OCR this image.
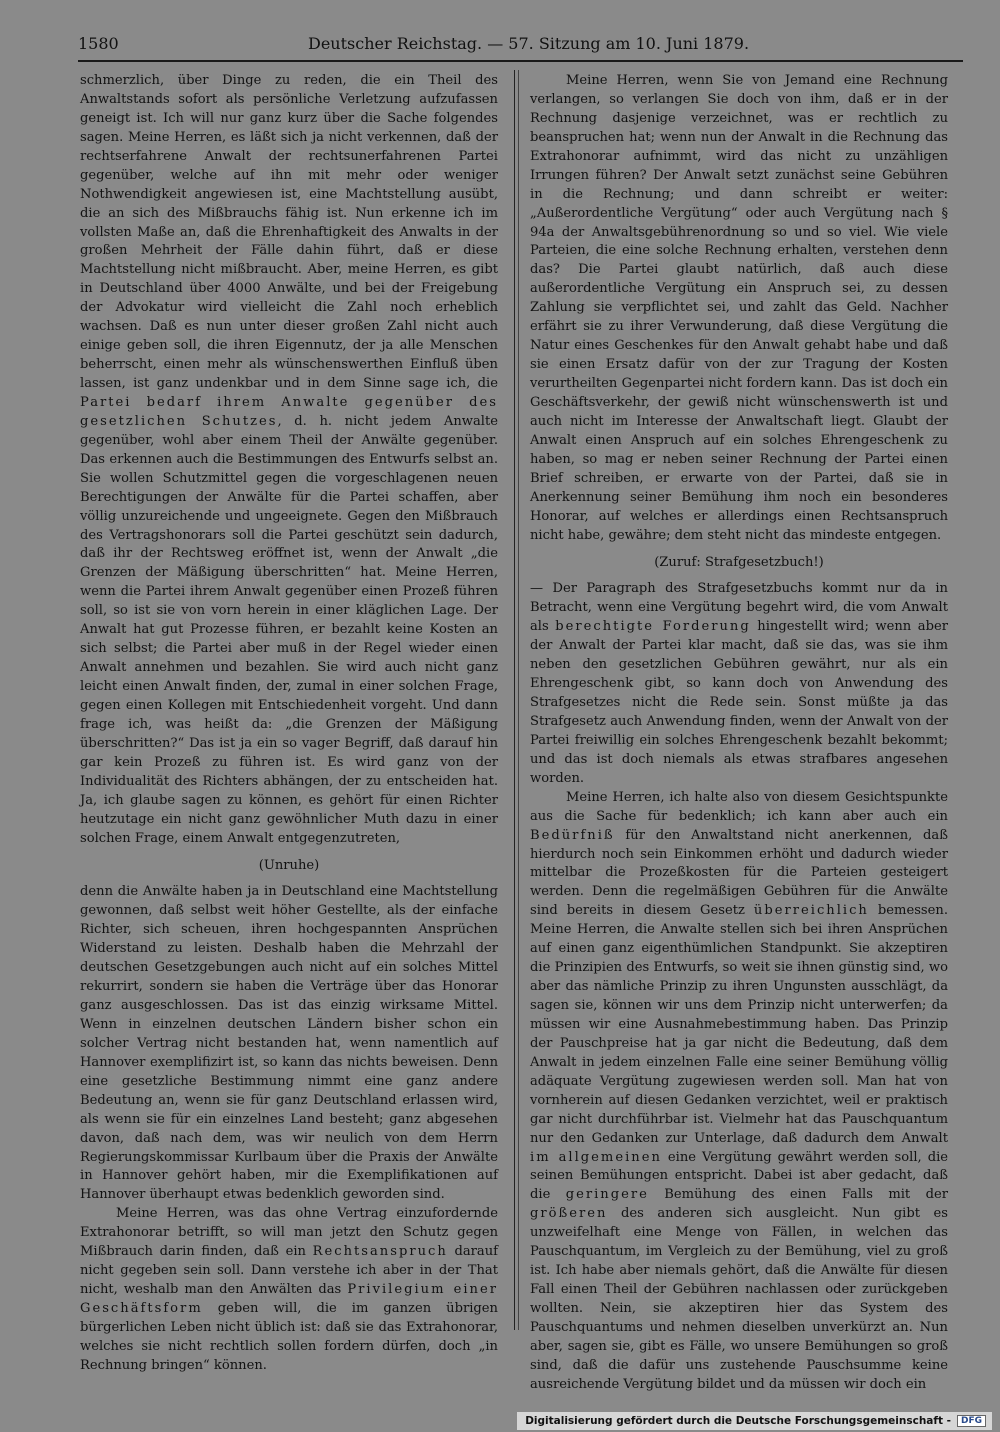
1580	Deutscher Reichstag. — 57. Sitzung am 10. Juni 1879.

schmerzlich, über Dinge zu reden, die ein Theil des Anwaltstands sofort als persönliche Verletzung aufzufassen geneigt ist. Ich will nur ganz kurz über die Sache folgendes sagen. Meine Herren, es läßt sich ja nicht verkennen, daß der rechtserfahrene Anwalt der rechtsunerfahrenen Partei gegenüber, welche auf ihn mit mehr oder weniger Nothwendigkeit angewiesen ist, eine Machtstellung ausübt, die an sich des Mißbrauchs fähig ist. Nun erkenne ich im vollsten Maße an, daß die Ehrenhaftigkeit des Anwalts in der großen Mehrheit der Fälle dahin führt, daß er diese Machtstellung nicht mißbraucht. Aber, meine Herren, es gibt in Deutschland über 4000 Anwälte, und bei der Freigebung der Advokatur wird vielleicht die Zahl noch erheblich wachsen. Daß es nun unter dieser großen Zahl nicht auch einige geben soll, die ihren Eigennutz, der ja alle Menschen beherrscht, einen mehr als wünschenswerthen Einfluß üben lassen, ist ganz undenkbar und in dem Sinne sage ich, die Partei bedarf ihrem Anwalte gegenüber des gesetzlichen Schutzes, d. h. nicht jedem Anwalte gegenüber, wohl aber einem Theil der Anwälte gegenüber. Das erkennen auch die Bestimmungen des Entwurfs selbst an. Sie wollen Schutzmittel gegen die vorgeschlagenen neuen Berechtigungen der Anwälte für die Partei schaffen, aber völlig unzureichende und ungeeignete. Gegen den Mißbrauch des Vertragshonorars soll die Partei geschützt sein dadurch, daß ihr der Rechtsweg eröffnet ist, wenn der Anwalt „die Grenzen der Mäßigung überschritten“ hat. Meine Herren, wenn die Partei ihrem Anwalt gegenüber einen Prozeß führen soll, so ist sie von vorn herein in einer kläglichen Lage. Der Anwalt hat gut Prozesse führen, er bezahlt keine Kosten an sich selbst; die Partei aber muß in der Regel wieder einen Anwalt annehmen und bezahlen. Sie wird auch nicht ganz leicht einen Anwalt finden, der, zumal in einer solchen Frage, gegen einen Kollegen mit Entschiedenheit vorgeht. Und dann frage ich, was heißt da: „die Grenzen der Mäßigung überschritten?“ Das ist ja ein so vager Begriff, daß darauf hin gar kein Prozeß zu führen ist. Es wird ganz von der Individualität des Richters abhängen, der zu entscheiden hat. Ja, ich glaube sagen zu können, es gehört für einen Richter heutzutage ein nicht ganz gewöhnlicher Muth dazu in einer solchen Frage, einem Anwalt entgegenzutreten,

(Unruhe)

denn die Anwälte haben ja in Deutschland eine Machtstellung gewonnen, daß selbst weit höher Gestellte, als der einfache Richter, sich scheuen, ihren hochgespannten Ansprüchen Widerstand zu leisten. Deshalb haben die Mehrzahl der deutschen Gesetzgebungen auch nicht auf ein solches Mittel rekurrirt, sondern sie haben die Verträge über das Honorar ganz ausgeschlossen. Das ist das einzig wirksame Mittel. Wenn in einzelnen deutschen Ländern bisher schon ein solcher Vertrag nicht bestanden hat, wenn namentlich auf Hannover exemplifizirt ist, so kann das nichts beweisen. Denn eine gesetzliche Bestimmung nimmt eine ganz andere Bedeutung an, wenn sie für ganz Deutschland erlassen wird, als wenn sie für ein einzelnes Land besteht; ganz abgesehen davon, daß nach dem, was wir neulich von dem Herrn Regierungskommissar Kurlbaum über die Praxis der Anwälte in Hannover gehört haben, mir die Exemplifikationen auf Hannover überhaupt etwas bedenklich geworden sind.

Meine Herren, was das ohne Vertrag einzufordernde Extrahonorar betrifft, so will man jetzt den Schutz gegen Mißbrauch darin finden, daß ein Rechtsanspruch darauf nicht gegeben sein soll. Dann verstehe ich aber in der That nicht, weshalb man den Anwälten das Privilegium einer Geschäftsform geben will, die im ganzen übrigen bürgerlichen Leben nicht üblich ist: daß sie das Extrahonorar, welches sie nicht rechtlich sollen fordern dürfen, doch „in Rechnung bringen“ können.

Meine Herren, wenn Sie von Jemand eine Rechnung verlangen, so verlangen Sie doch von ihm, daß er in der Rechnung dasjenige verzeichnet, was er rechtlich zu beanspruchen hat; wenn nun der Anwalt in die Rechnung das Extrahonorar aufnimmt, wird das nicht zu unzähligen Irrungen führen? Der Anwalt setzt zunächst seine Gebühren in die Rechnung; und dann schreibt er weiter: „Außerordentliche Vergütung“ oder auch Vergütung nach § 94a der Anwaltsgebührenordnung so und so viel. Wie viele Parteien, die eine solche Rechnung erhalten, verstehen denn das? Die Partei glaubt natürlich, daß auch diese außerordentliche Vergütung ein Anspruch sei, zu dessen Zahlung sie verpflichtet sei, und zahlt das Geld. Nachher erfährt sie zu ihrer Verwunderung, daß diese Vergütung die Natur eines Geschenkes für den Anwalt gehabt habe und daß sie einen Ersatz dafür von der zur Tragung der Kosten verurtheilten Gegenpartei nicht fordern kann. Das ist doch ein Geschäftsverkehr, der gewiß nicht wünschenswerth ist und auch nicht im Interesse der Anwaltschaft liegt. Glaubt der Anwalt einen Anspruch auf ein solches Ehrengeschenk zu haben, so mag er neben seiner Rechnung der Partei einen Brief schreiben, er erwarte von der Partei, daß sie in Anerkennung seiner Bemühung ihm noch ein besonderes Honorar, auf welches er allerdings einen Rechtsanspruch nicht habe, gewähre; dem steht nicht das mindeste entgegen.

(Zuruf: Strafgesetzbuch!)

— Der Paragraph des Strafgesetzbuchs kommt nur da in Betracht, wenn eine Vergütung begehrt wird, die vom Anwalt als berechtigte Forderung hingestellt wird; wenn aber der Anwalt der Partei klar macht, daß sie das, was sie ihm neben den gesetzlichen Gebühren gewährt, nur als ein Ehrengeschenk gibt, so kann doch von Anwendung des Strafgesetzes nicht die Rede sein. Sonst müßte ja das Strafgesetz auch Anwendung finden, wenn der Anwalt von der Partei freiwillig ein solches Ehrengeschenk bezahlt bekommt; und das ist doch niemals als etwas strafbares angesehen worden.

Meine Herren, ich halte also von diesem Gesichtspunkte aus die Sache für bedenklich; ich kann aber auch ein Bedürfniß für den Anwaltstand nicht anerkennen, daß hierdurch noch sein Einkommen erhöht und dadurch wieder mittelbar die Prozeßkosten für die Parteien gesteigert werden. Denn die regelmäßigen Gebühren für die Anwälte sind bereits in diesem Gesetz überreichlich bemessen. Meine Herren, die Anwalte stellen sich bei ihren Ansprüchen auf einen ganz eigenthümlichen Standpunkt. Sie akzeptiren die Prinzipien des Entwurfs, so weit sie ihnen günstig sind, wo aber das nämliche Prinzip zu ihren Ungunsten ausschlägt, da sagen sie, können wir uns dem Prinzip nicht unterwerfen; da müssen wir eine Ausnahmebestimmung haben. Das Prinzip der Pauschpreise hat ja gar nicht die Bedeutung, daß dem Anwalt in jedem einzelnen Falle eine seiner Bemühung völlig adäquate Vergütung zugewiesen werden soll. Man hat von vornherein auf diesen Gedanken verzichtet, weil er praktisch gar nicht durchführbar ist. Vielmehr hat das Pauschquantum nur den Gedanken zur Unterlage, daß dadurch dem Anwalt im allgemeinen eine Vergütung gewährt werden soll, die seinen Bemühungen entspricht. Dabei ist aber gedacht, daß die geringere Bemühung des einen Falls mit der größeren des anderen sich ausgleicht. Nun gibt es unzweifelhaft eine Menge von Fällen, in welchen das Pauschquantum, im Vergleich zu der Bemühung, viel zu groß ist. Ich habe aber niemals gehört, daß die Anwälte für diesen Fall einen Theil der Gebühren nachlassen oder zurückgeben wollten. Nein, sie akzeptiren hier das System des Pauschquantums und nehmen dieselben unverkürzt an. Nun aber, sagen sie, gibt es Fälle, wo unsere Bemühungen so groß sind, daß die dafür uns zustehende Pauschsumme keine ausreichende Vergütung bildet und da müssen wir doch ein

Digitalisierung gefördert durch die Deutsche Forschungsgemeinschaft -	DFG
